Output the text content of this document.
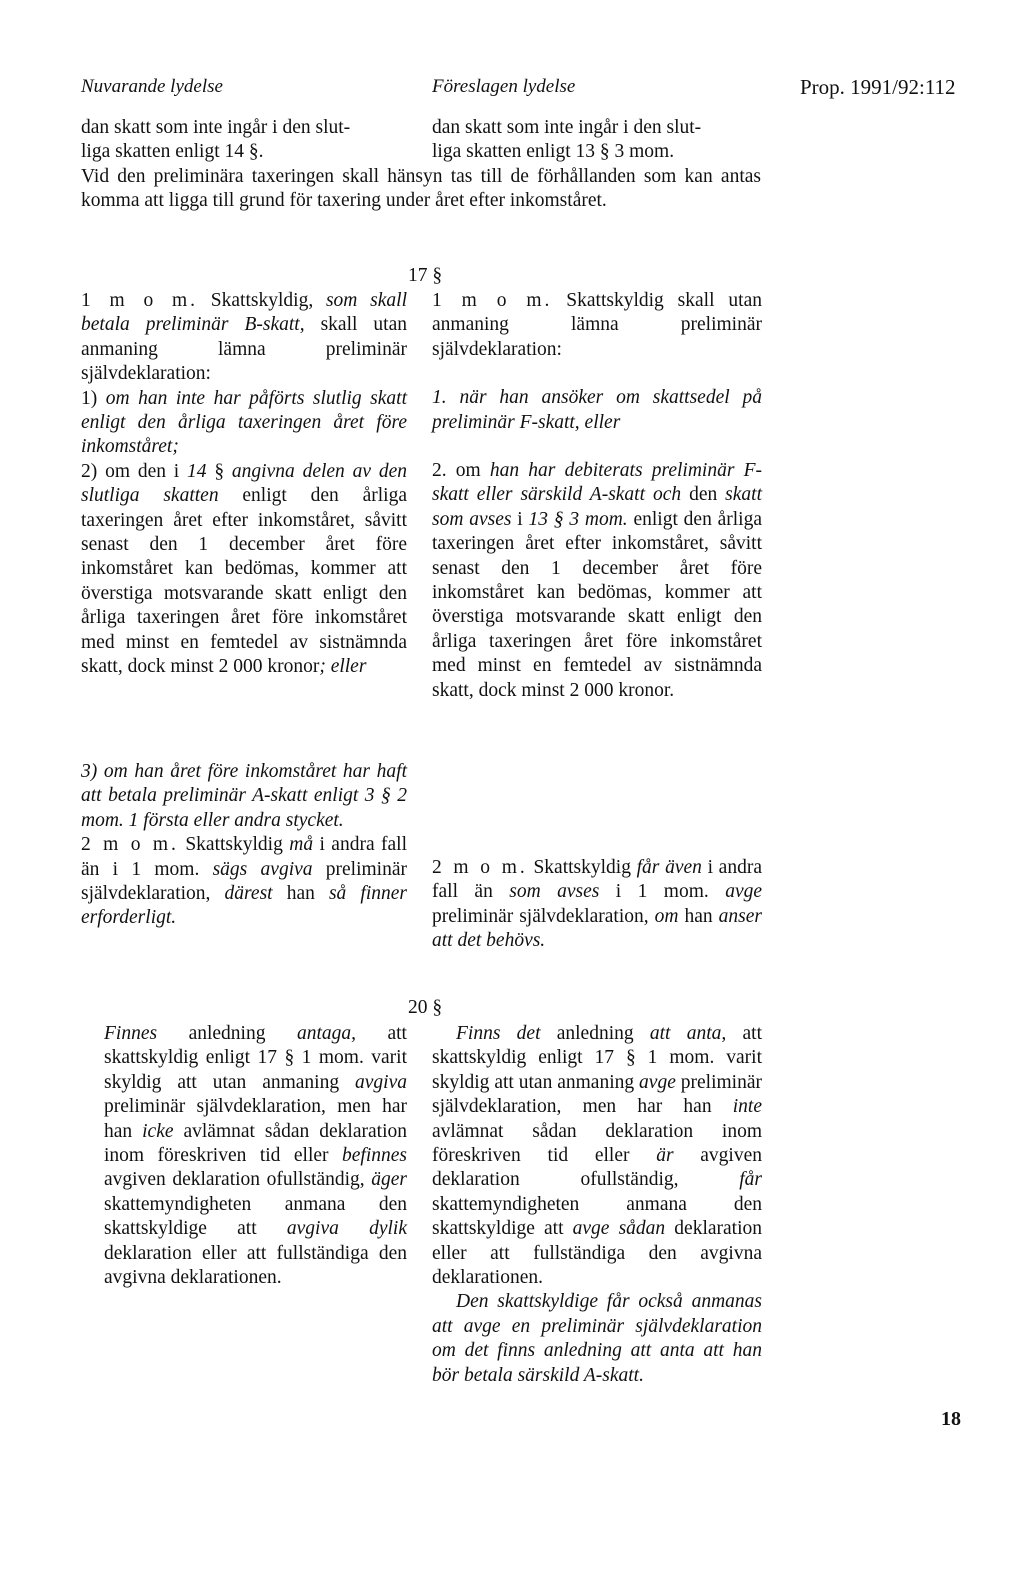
Nuvarande lydelse	Föreslagen lydelse	Prop. 1991/92:112

dan skatt som inte ingår i den slut-

liga skatten enligt 14 §.

dan skatt som inte ingår i den slut-

liga skatten enligt 13 § 3 mom.

Vid den preliminära taxeringen skall hänsyn tas till de förhållanden som kan antas komma att ligga till grund för taxering under året efter inkomståret.
17 §

1 m o m. Skattskyldig, som skall betala preliminär B-skatt, skall utan anmaning lämna preliminär självdeklaration:

1) om han inte har påförts slutlig skatt enligt den årliga taxeringen året före inkomståret;

2) om den i 14 § angivna delen av den slutliga skatten enligt den årliga taxeringen året efter inkomståret, såvitt senast den 1 december året före inkomståret kan bedömas, kommer att överstiga motsvarande skatt enligt den årliga taxeringen året före inkomståret med minst en femtedel av sistnämnda skatt, dock minst 2 000 kronor; eller

3) om han året före inkomståret har haft att betala preliminär A-skatt enligt 3 § 2 mom. 1 första eller andra stycket.

2 m o m. Skattskyldig må i andra fall än i 1 mom. sägs avgiva preliminär självdeklaration, därest han så finner erforderligt.

1 m o m. Skattskyldig skall utan anmaning lämna preliminär självdeklaration:

1. när han ansöker om skattsedel på preliminär F-skatt, eller

2. om han har debiterats preliminär F-skatt eller särskild A-skatt och den skatt som avses i 13 § 3 mom. enligt den årliga taxeringen året efter inkomståret, såvitt senast den 1 december året före inkomståret kan bedömas, kommer att överstiga motsvarande skatt enligt den årliga taxeringen året före inkomståret med minst en femtedel av sistnämnda skatt, dock minst 2 000 kronor.

2 m o m. Skattskyldig får även i andra fall än som avses i 1 mom. avge preliminär självdeklaration, om han anser att det behövs.

20 §

Finnes anledning antaga, att skattskyldig enligt 17 § 1 mom. varit skyldig att utan anmaning avgiva preliminär självdeklaration, men har han icke avlämnat sådan deklaration inom föreskriven tid eller befinnes avgiven deklaration ofullständig, äger skattemyndigheten anmana den skattskyldige att avgiva dylik deklaration eller att fullständiga den avgivna deklarationen.

Finns det anledning att anta, att skattskyldig enligt 17 § 1 mom. varit skyldig att utan anmaning avge preliminär självdeklaration, men har han inte avlämnat sådan deklaration inom föreskriven tid eller är avgiven deklaration ofullständig, får skattemyndigheten anmana den skattskyldige att avge sådan deklaration eller att fullständiga den avgivna deklarationen.

Den skattskyldige får också anmanas att avge en preliminär självdeklaration om det finns anledning att anta att han bör betala särskild A-skatt.

18
